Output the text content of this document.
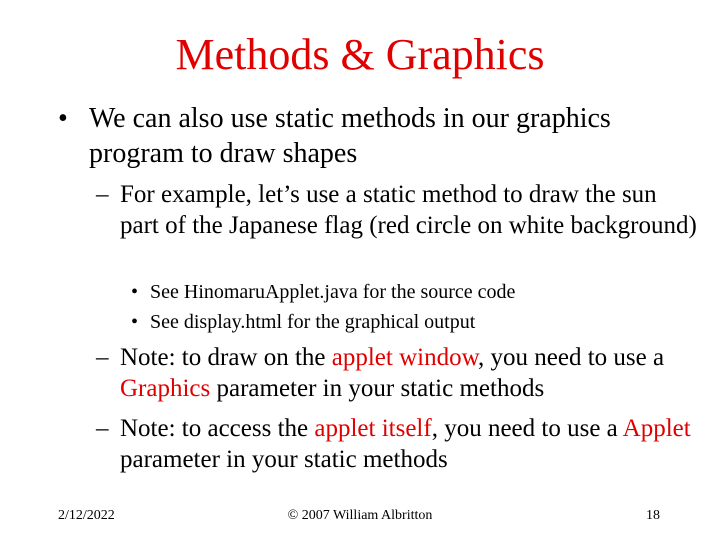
Methods & Graphics
• We can also use static methods in our graphics program to draw shapes
– For example, let’s use a static method to draw the sun part of the Japanese flag (red circle on white background)
• See HinomaruApplet.java for the source code
• See display.html for the graphical output
– Note: to draw on the applet window, you need to use a Graphics parameter in your static methods
– Note: to access the applet itself, you need to use a Applet parameter in your static methods
2/12/2022	© 2007 William Albritton	18
